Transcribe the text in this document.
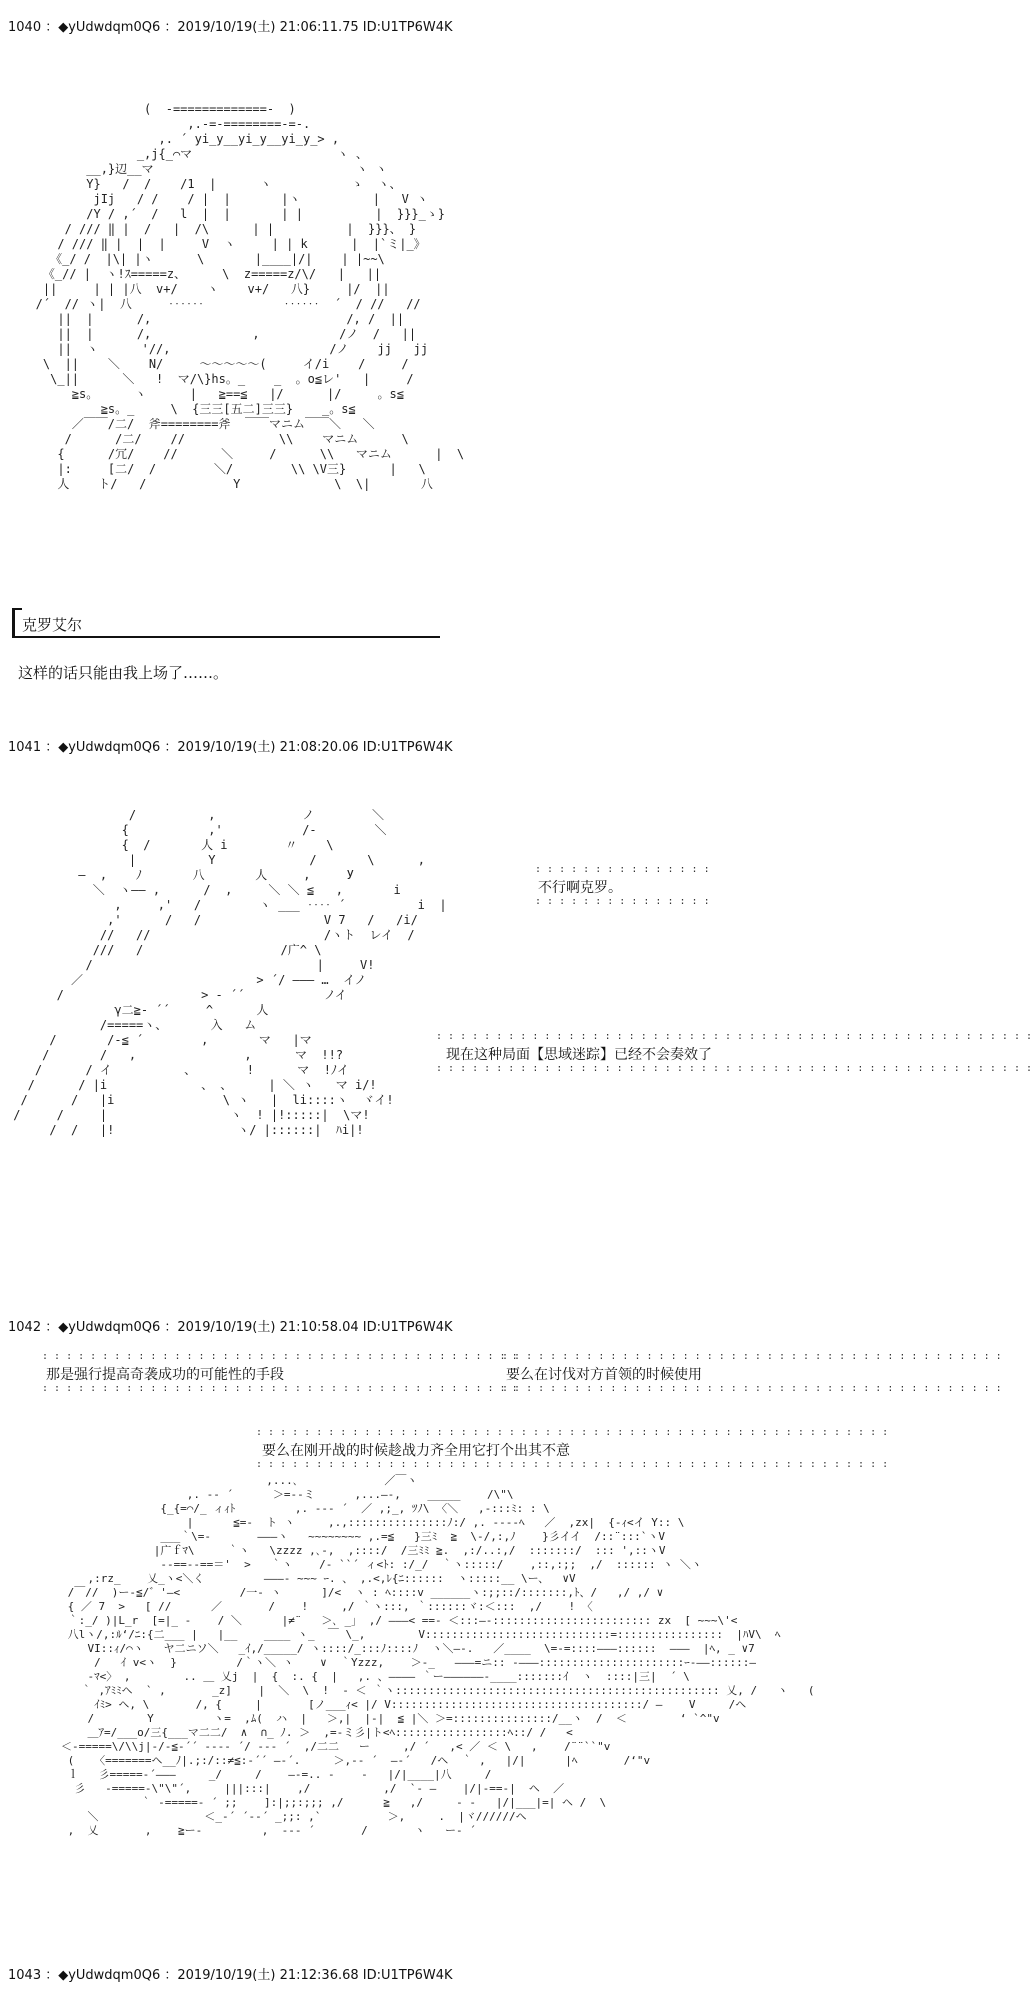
1040 ：◆yUdwdqm0Q6 ：2019/10/19(土) 21:06:11.75 ID:U1TP6W4K
(  -=============-  )
,.-=‐========‐=-.
,. ´ yi_y__yi_y__yi_y_> ,
_,j{_⌒マ                    ヽ 、
__,}辺__マ                            ヽ ヽ
Y}   /  /    /1  |      ヽ           ゝ  ヽ、
jIj   / /    / |  |       |ヽ          |   V ヽ
/Y / ,´  /   l  |  |       | |          |  }}}_ゝ}
/ /// ‖ |  /   |  /\      | |          |  }}}、 }
/ /// ‖ |  |  |     V  ヽ     | | k      |  |`ミ|_》
《_/ /  |\| |ヽ      \       |____|/|    | |~~\
《_// |  ヽ!ｽ=====z、     \  z=====z/\/   |   ||
||     | | |八  v+/    ヽ    v+/   八}     |/  ||
/´  // ヽ|  八     ‥‥‥           ‥‥‥  ´  / //   //
||  |      /,                           /, /  ||
||  |      /,              ,           /ノ  /   ||
||  ヽ      '//,                      /ノ    jj   jj
\  ||    ＼    N/     ～～～～～(     イ/i    /     /
\_||      ＼   !  マ/\}hs。_    _  。o≦レ'   |     /
≧s。     ヽ      |   ≧==≦   |/      |/     。s≦
≧s。_     \  {三三[五二]三三}    _。s≦
／￣￣/二/  斧========斧  ￣￣マニム￣￣＼   ＼
/      /二/    //             \\    マニム      \
{      /冗/    //      ＼     /      \\   マニム      |  \
|:     [二/  /        ＼/        \\ \V三}      |   \
人    ト/   /            Y             \  \|       八

克罗艾尔
这样的话只能由我上场了……。
1041 ：◆yUdwdqm0Q6 ：2019/10/19(土) 21:08:20.06 ID:U1TP6W4K
/          ,            ノ        ＼
{           ,'           /‐        ＼
{  /       人 i        〃    \
|          Y             /       \      ,
―  ,    ﾉ       八       人     ,     У
＼  ヽ―― ,      /  ,     ＼ ＼ ≦   ,       i
,     ,'   /        ヽ ___ ‥‥ ´          i  |
,'      /   /                 V 7   /   /i/
//   //                        /ヽト  レイ  /
///   /                   /广^ \
/                               |     V!
／                        > ´/ ――― …  イノ
/                   > ‐ ´´           ノイ
γ二≧‐ ´´     ^      人
/=====ヽ、      入   ム
/       /-≦ ´        ,       マ   |マ
/       /   ,               ,      マ  !!?
/      / イ          、       !      マ  !ﾉイ
/      / |i             、 、     | ＼ ヽ   マ i/!
/      /   |i               \ ヽ   |  li::::ヽ  ヾイ!
/     /     |                 ヽ  ! |!:::::|  \マ!
/  /   |!                 ヽ/ |::::::|  ﾊi|!

: : : : : : : : : : : : : : :
不行啊克罗。
: : : : : : : : : : : : : : :
: : : : : : : : : : : : : : : : : : : : : : : : : : : : : : : : : : : : : : : : : : : : : : : : : :
现在这种局面【思域迷踪】已经不会奏效了
: : : : : : : : : : : : : : : : : : : : : : : : : : : : : : : : : : : : : : : : : : : : : : : : : :
1042 ：◆yUdwdqm0Q6 ：2019/10/19(土) 21:10:58.04 ID:U1TP6W4K
: : : : : : : : : : : : : : : : : : : : : : : : : : : : : : : : : : : : : : : :
那是强行提高奇袭成功的可能性的手段
: : : : : : : : : : : : : : : : : : : : : : : : : : : : : : : : : : : : : : : :
: : : : : : : : : : : : : : : : : : : : : : : : : : : : : : : : : : : : : : : : : :
要么在讨伐对方首领的时候使用
: : : : : : : : : : : : : : : : : : : : : : : : : : : : : : : : : : : : : : : : : :
: : : : : : : : : : : : : : : : : : : : : : : : : : : : : : : : : : : : : : : : : : : : : : : : : : : : :
要么在刚开战的时候趁战力齐全用它打个出其不意
: : : : : : : : : : : : : : : : : : : : : : : : : : : : : : : : : : : : : : : : : : : : : : : : : : : : :
,...､             ／￣ヽ
,. -‐ ´      ＞=‐-ミ      ,...―‐,    _____    /\"\
{_{=⌒/_ ィｨﾄ         ,. --‐ ´  ／ ,;_, ﾂﾉ\ 〈＼   ,-:::ﾐ: : \
|      ≦=-  ト ヽ     ,.,:::::::::::::::ﾉ:/ ,. ----ﾍ   ／  ,zx|  {-ｨ<イ Y:: \
___｀\=-       ―――ヽ   ~~~~~~~~ ,.=≦   }三ﾐ  ≧  \-/,:,ﾉ    }彡イイ  /::¨:::`ヽV
|广ｆﾏ\     ｀ヽ   \zzzz ,､-,  ,::::/  /三ﾐﾐ ≧.  ,:/..:,/  :::::::/  ::: ',::ヽV
-‐==‐-==＝'  >   ｀ヽ    /- ``´ ィ<ﾄ: :/_/  ｀ヽ:::::/    ,::,:;;  ,/  :::::: ヽ ＼ヽ
,:rz_    乂_ヽ<＼く         ―――‐ ~~~ ｰ. 、 ,.<,ﾚ{ﾆ::::::  ヽ:::::__ \ー、  ∨V
/￣//  )ー‐≦/゛'―<         /一‐ ヽ      ]/<  ヽ : ﾍ::::v ______ヽ:;;::/:::::::,ﾄ、/   ,/ ,/ ∨
{ ／ 7  >   [ //      ／       /    !     ,/ ｀ヽ:::, ｀::::::ヾ:＜:::  ,/    ! 〈
｀:_/ )|L_r  [=|_ -    / ＼      |≠¨   ＞､ _」 ,/ ―――< ==‐ ＜:::―‐:::::::::::::::::::::::: zx  [ ~~~\'<
八lヽ/,:ﾙ‘/ﾆ:{二___ |   |__    ____ ヽ_  ￣ \_,        V::::::::::::::::::::::::::::=::::::::::::::::  |ﾊV\  ﾍ
VI::ｨ/⌒ヽ   ヤ二ニソ＼   _ｲ,/_____/ ヽ::::/_:::ﾉ::::ﾉ  ヽ＼―‐.   ／____  \=-=::::―――::::::  ―――  |ﾍ, _ ∨7
/   ｲ v<ヽ  }         /｀ヽ＼ ヽ    ∨  ｀Yzzz,    ＞‐_   ―――=ニ:: -―――::::::::::::::::::::::ｰ‐――::::::―
-ﾏ<〉 ,        .. ＿ 乂j  |  {  :. {  |   ,. 、―――― ｀ー――――――-____:::::::ｲ  ヽ  ::::|三|  ´ \
｀ ,ｱﾐﾐヘ  ` ,       _z]    |  ＼  \  !  ‐ ＜ ｀ヽ::::::::::::::::::::::::::::::::::::::::::::::::: 乂, /   ヽ   (
ｲﾐ> ヘ, \       /, {     |       [ノ___ｨ< |/ V::::::::::::::::::::::::::::::::::::::/ ―    V     /ヘ
/        Y         ヽ=  ,ﾑ(  ハ  |   ＞,|  |-|  ≦ |＼ ＞=:::::::::::::::/__ヽ  /  ＜        ‘ `^"v
＿ｱ=/___o/三{___マ二二/  ∧  ∩_ ﾉ. ＞  ,=‐ミ彡|ト<ﾍ:::::::::::::::::ﾍ::/ /   <
＜‐=====\/\\j|-/-≦‐´´ ---‐ ´/ --‐ ´  ,/二二   ー     ,/ ´   ,< ／ ＜ \   ,    /¨¨``"v
(   〈=======ヘ__ﾉ|.;:/::≠≦:‐´´ ―‐´.     ＞,-‐ ´  ―‐´   /ヘ  ｀ ,   |/|      |ﾍ       /‘"v
ｌ   彡=====‐´―――     _/     /    ―‐=.. -    ‐   |/|____|八     /
彡   -=====‐\"\"´,     |||:::|    ,/           ,/  `- ―    |/|-==-|  ヘ  ／
｀ ‐=====‐ ´ ;;    ]:|;;:;;; ,/      ≧   ,/     - ‐   |/|___|=| ヘ /  \
＼                ＜_‐´ ´‐‐´ _;;: ,`          ＞,     .  |ヾ//////ヘ
,  乂       ,    ≧ー‐         ,  --‐ ´       /       ヽ   ー‐ ´

1043 ：◆yUdwdqm0Q6 ：2019/10/19(土) 21:12:36.68 ID:U1TP6W4K
